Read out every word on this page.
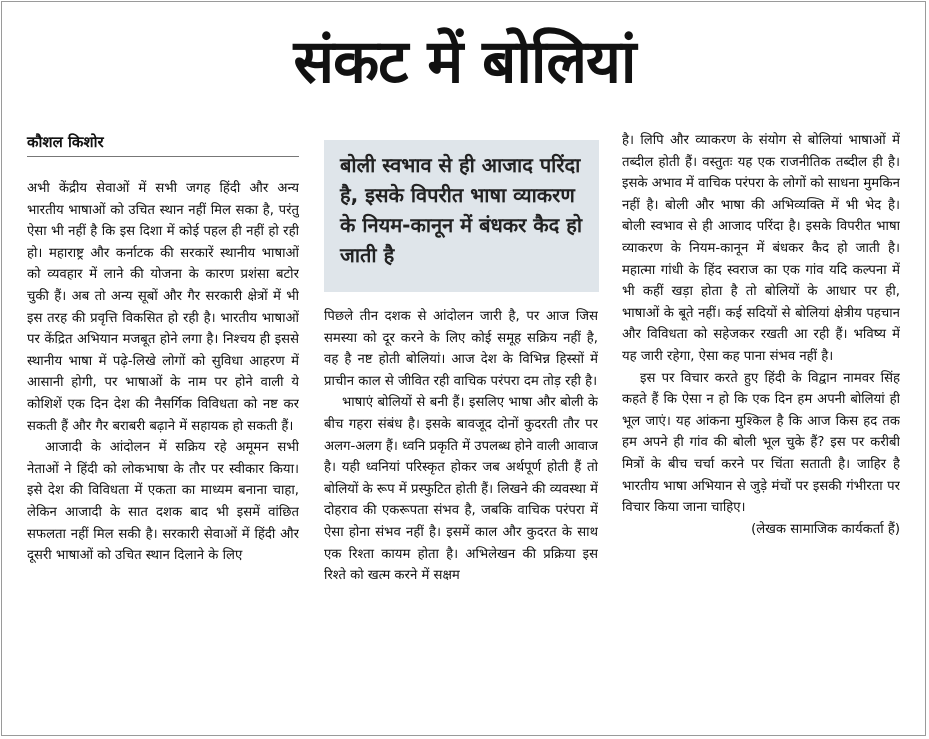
संकट में बोलियां
कौशल किशोर

अभी केंद्रीय सेवाओं में सभी जगह हिंदी और अन्य भारतीय भाषाओं को उचित स्थान नहीं मिल सका है, परंतु ऐसा भी नहीं है कि इस दिशा में कोई पहल ही नहीं हो रही हो। महाराष्ट्र और कर्नाटक की सरकारें स्थानीय भाषाओं को व्यवहार में लाने की योजना के कारण प्रशंसा बटोर चुकी हैं। अब तो अन्य सूबों और गैर सरकारी क्षेत्रों में भी इस तरह की प्रवृत्ति विकसित हो रही है। भारतीय भाषाओं पर केंद्रित अभियान मजबूत होने लगा है। निश्चय ही इससे स्थानीय भाषा में पढ़े-लिखे लोगों को सुविधा आहरण में आसानी होगी, पर भाषाओं के नाम पर होने वाली ये कोशिशें एक दिन देश की नैसर्गिक विविधता को नष्ट कर सकती हैं और गैर बराबरी बढ़ाने में सहायक हो सकती हैं।

आजादी के आंदोलन में सक्रिय रहे अमूमन सभी नेताओं ने हिंदी को लोकभाषा के तौर पर स्वीकार किया। इसे देश की विविधता में एकता का माध्यम बनाना चाहा, लेकिन आजादी के सात दशक बाद भी इसमें वांछित सफलता नहीं मिल सकी है। सरकारी सेवाओं में हिंदी और दूसरी भाषाओं को उचित स्थान दिलाने के लिए

बोली स्वभाव से ही आजाद परिंदा है, इसके विपरीत भाषा व्याकरण के नियम-कानून में बंधकर कैद हो जाती है

पिछले तीन दशक से आंदोलन जारी है, पर आज जिस समस्या को दूर करने के लिए कोई समूह सक्रिय नहीं है, वह है नष्ट होती बोलियां। आज देश के विभिन्न हिस्सों में प्राचीन काल से जीवित रही वाचिक परंपरा दम तोड़ रही है।

भाषाएं बोलियों से बनी हैं। इसलिए भाषा और बोली के बीच गहरा संबंध है। इसके बावजूद दोनों कुदरती तौर पर अलग-अलग हैं। ध्वनि प्रकृति में उपलब्ध होने वाली आवाज है। यही ध्वनियां परिस्कृत होकर जब अर्थपूर्ण होती हैं तो बोलियों के रूप में प्रस्फुटित होती हैं। लिखने की व्यवस्था में दोहराव की एकरूपता संभव है, जबकि वाचिक परंपरा में ऐसा होना संभव नहीं है। इसमें काल और कुदरत के साथ एक रिश्ता कायम होता है। अभिलेखन की प्रक्रिया इस रिश्ते को खत्म करने में सक्षम

है। लिपि और व्याकरण के संयोग से बोलियां भाषाओं में तब्दील होती हैं। वस्तुतः यह एक राजनीतिक तब्दील ही है। इसके अभाव में वाचिक परंपरा के लोगों को साधना मुमकिन नहीं है। बोली और भाषा की अभिव्यक्ति में भी भेद है। बोली स्वभाव से ही आजाद परिंदा है। इसके विपरीत भाषा व्याकरण के नियम-कानून में बंधकर कैद हो जाती है। महात्मा गांधी के हिंद स्वराज का एक गांव यदि कल्पना में भी कहीं खड़ा होता है तो बोलियों के आधार पर ही, भाषाओं के बूते नहीं। कई सदियों से बोलियां क्षेत्रीय पहचान और विविधता को सहेजकर रखती आ रही हैं। भविष्य में यह जारी रहेगा, ऐसा कह पाना संभव नहीं है।

इस पर विचार करते हुए हिंदी के विद्वान नामवर सिंह कहते हैं कि ऐसा न हो कि एक दिन हम अपनी बोलियां ही भूल जाएं। यह आंकना मुश्किल है कि आज किस हद तक हम अपने ही गांव की बोली भूल चुके हैं? इस पर करीबी मित्रों के बीच चर्चा करने पर चिंता सताती है। जाहिर है भारतीय भाषा अभियान से जुड़े मंचों पर इसकी गंभीरता पर विचार किया जाना चाहिए।

(लेखक सामाजिक कार्यकर्ता हैं)
